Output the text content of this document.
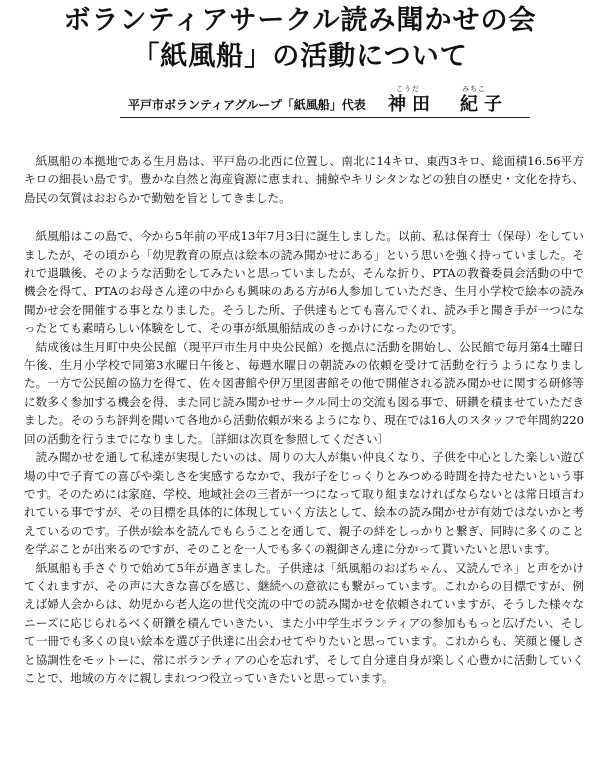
ボランティアサークル読み聞かせの会
「紙風船」の活動について
平戸市ボランティアグループ「紙風船」代表
こうだ	みちこ
神田　紀子

紙風船の本拠地である生月島は、平戸島の北西に位置し、南北に14キロ、東西3キロ、総面積16.56平方キロの細長い島です。豊かな自然と海産資源に恵まれ、捕鯨やキリシタンなどの独自の歴史・文化を持ち、島民の気質はおおらかで勤勉を旨としてきました。

紙風船はこの島で、今から5年前の平成13年7月3日に誕生しました。以前、私は保育士（保母）をしていましたが、その頃から「幼児教育の原点は絵本の読み聞かせにある」という思いを強く持っていました。それで退職後、そのような活動をしてみたいと思っていましたが、そんな折り、PTAの教養委員会活動の中で機会を得て、PTAのお母さん達の中からも興味のある方が6人参加していただき、生月小学校で絵本の読み聞かせ会を開催する事となりました。そうした所、子供達もとても喜んでくれ、読み手と聞き手が一つになったとても素晴らしい体験をして、その事が紙風船結成のきっかけになったのです。

結成後は生月町中央公民館（現平戸市生月中央公民館）を拠点に活動を開始し、公民館で毎月第4土曜日午後、生月小学校で同第3水曜日午後と、毎週水曜日の朝読みの依頼を受けて活動を行うようになりました。一方で公民館の協力を得て、佐々図書館や伊万里図書館その他で開催される読み聞かせに関する研修等に数多く参加する機会を得、また同じ読み聞かせサークル同士の交流も図る事で、研鑽を積ませていただきました。そのうち評判を聞いて各地から活動依頼が来るようになり、現在では16人のスタッフで年間約220回の活動を行うまでになりました。〔詳細は次頁を参照してください〕

読み聞かせを通して私達が実現したいのは、周りの大人が集い仲良くなり、子供を中心とした楽しい遊び場の中で子育ての喜びや楽しさを実感するなかで、我が子をじっくりとみつめる時間を持たせたいという事です。そのためには家庭、学校、地域社会の三者が一つになって取り組まなければならないとは常日頃言われている事ですが、その目標を具体的に体現していく方法として、絵本の読み聞かせが有効ではないかと考えているのです。子供が絵本を読んでもらうことを通して、親子の絆をしっかりと繋ぎ、同時に多くのことを学ぶことが出来るのですが、そのことを一人でも多くの親御さん達に分かって貰いたいと思います。

紙風船も手さぐりで始めて5年が過ぎました。子供達は「紙風船のおばちゃん、又読んでネ」と声をかけてくれますが、その声に大きな喜びを感じ、継続への意欲にも繋がっています。これからの目標ですが、例えば婦人会からは、幼児から老人迄の世代交流の中での読み聞かせを依頼されていますが、そうした様々なニーズに応じられるべく研鑽を積んでいきたい、また小中学生ボランティアの参加ももっと広げたい、そして一冊でも多くの良い絵本を選び子供達に出会わせてやりたいと思っています。これからも、笑顔と優しさと協調性をモットーに、常にボランティアの心を忘れず、そして自分達自身が楽しく心豊かに活動していくことで、地域の方々に親しまれつつ役立っていきたいと思っています。
